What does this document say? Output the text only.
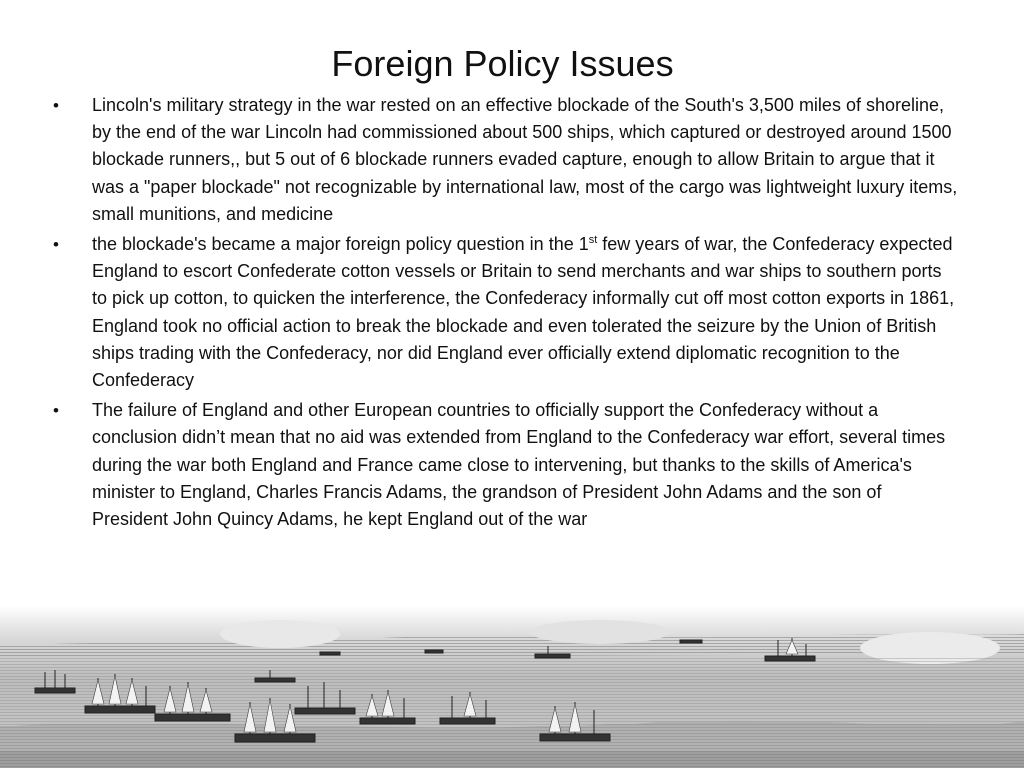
Foreign Policy Issues
• Lincoln's military strategy in the war rested on an effective blockade of the South's 3,500 miles of shoreline, by the end of the war Lincoln had commissioned about 500 ships, which captured or destroyed around 1500 blockade runners,, but 5 out of 6 blockade runners evaded capture, enough to allow Britain to argue that it was a "paper blockade" not recognizable by international law, most of the cargo was lightweight luxury items, small munitions, and medicine
• the blockade's became a major foreign policy question in the 1st few years of war, the Confederacy expected England to escort Confederate cotton vessels or Britain to send merchants and war ships to southern ports to pick up cotton, to quicken the interference, the Confederacy informally cut off most cotton exports in 1861, England took no official action to break the blockade and even tolerated the seizure by the Union of British ships trading with the Confederacy, nor did England ever officially extend diplomatic recognition to the Confederacy
• The failure of England and other European countries to officially support the Confederacy without a conclusion didn’t mean that no aid was extended from England to the Confederacy war effort, several times during the war both England and France came close to intervening, but thanks to the skills of America's minister to England, Charles Francis Adams, the grandson of President John Adams and the son of President John Quincy Adams, he kept England out of the war
